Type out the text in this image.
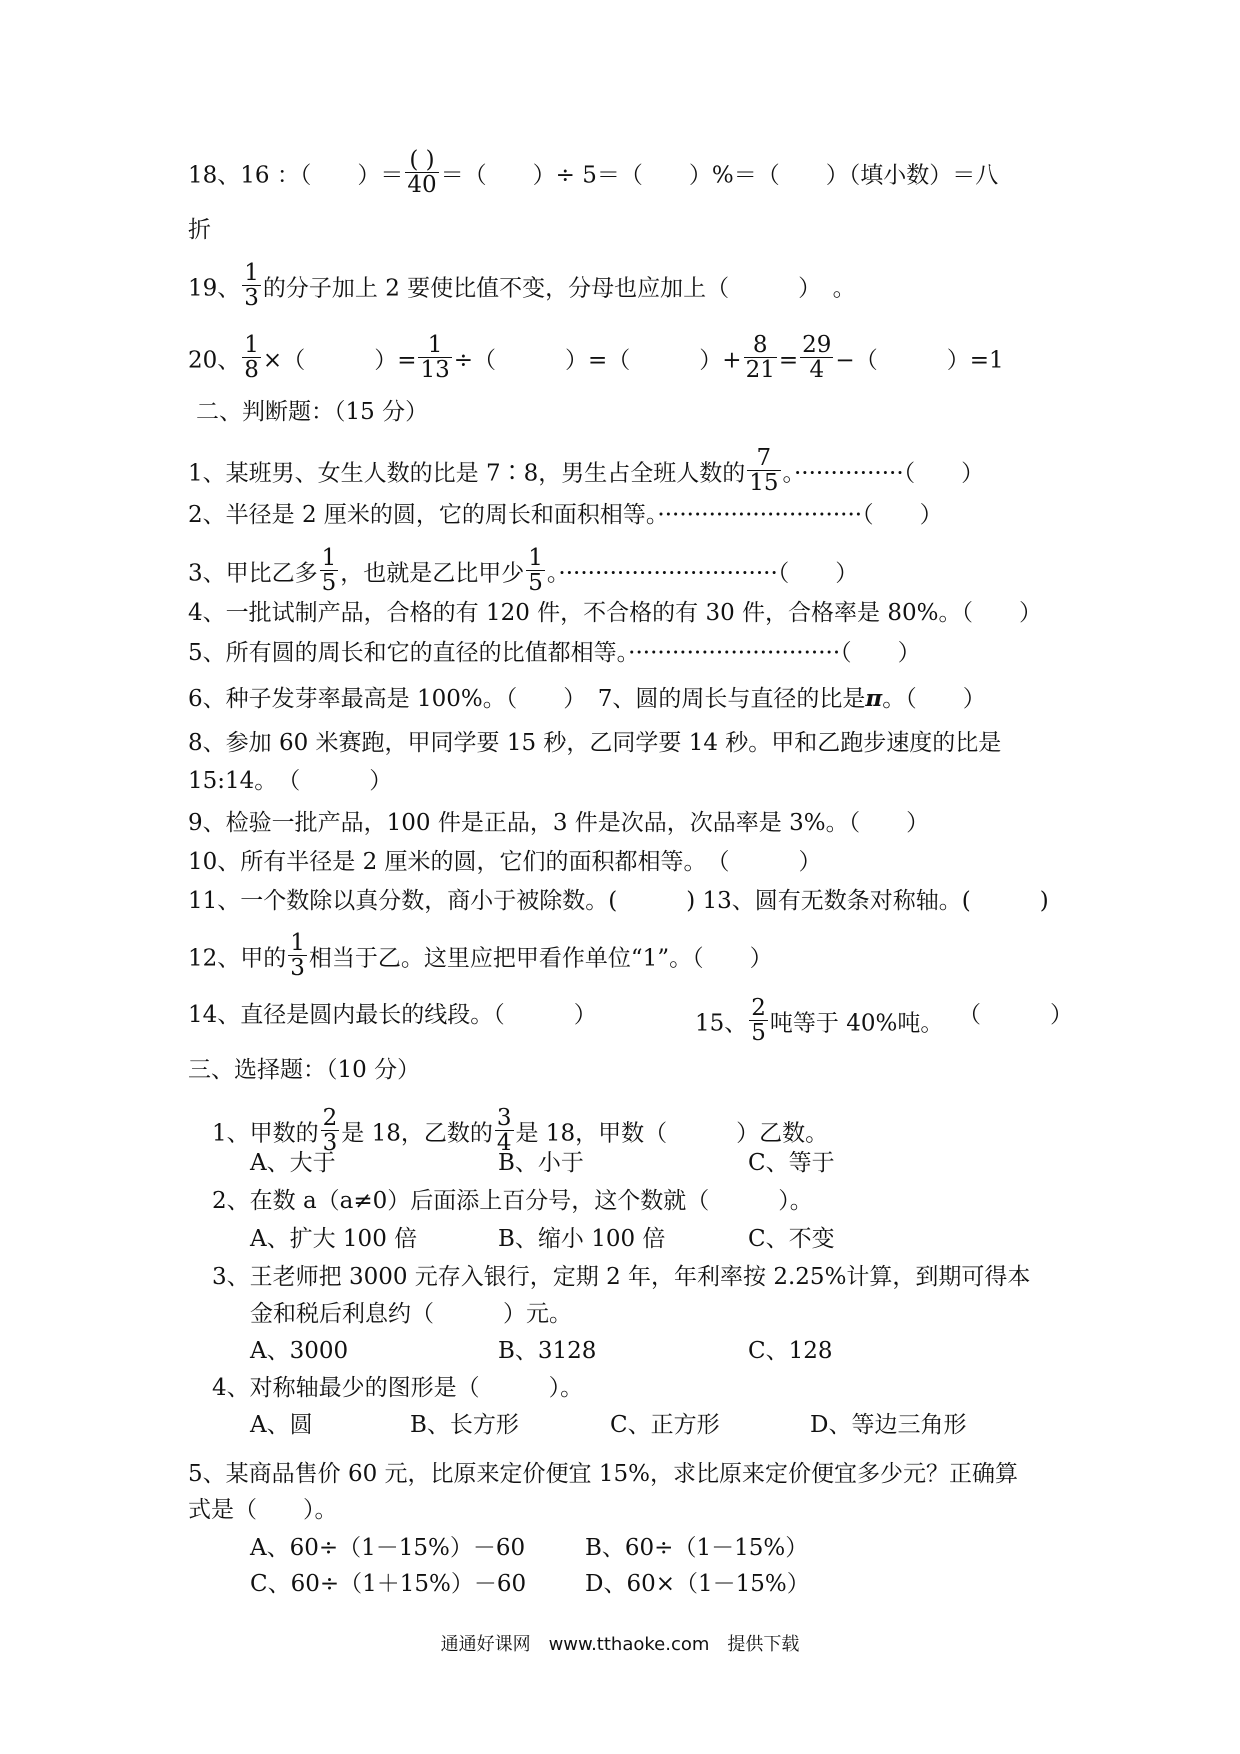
18、16 ：（　　）＝ $\frac{( )}{40}$ ＝（　　）÷ 5＝（　　）%＝（　　）（填小数）＝八
折
19、 $\frac{1}{3}$ 的分子加上 2 要使比值不变，分母也应加上（　　　）　。
20、 $\frac{1}{8}$ ×（　　　）= $\frac{1}{13}$ ÷（　　　）=（　　　）+ $\frac{8}{21} = \frac{29}{4}$ −（　　　）=1
二、判断题：（15 分）
1、某班男、女生人数的比是 7∶8，男生占全班人数的 $\frac{7}{15}$ 。···············（　　）
2、半径是 2 厘米的圆，它的周长和面积相等。····························（　　）
3、甲比乙多 $\frac{1}{5}$ ，也就是乙比甲少 $\frac{1}{5}$ 。······························（　　）
4、一批试制产品，合格的有 120 件，不合格的有 30 件，合格率是 80%。（　　）
5、所有圆的周长和它的直径的比值都相等。·····························（　　）
6、种子发芽率最高是 100%。（　　）　7、圆的周长与直径的比是π。（　　）
8、参加 60 米赛跑，甲同学要 15 秒，乙同学要 14 秒。甲和乙跑步速度的比是
15:14。　（　　　）
9、检验一批产品，100 件是正品，3 件是次品，次品率是 3%。（　　）
10、所有半径是 2 厘米的圆，它们的面积都相等。　（　　　）
11、一个数除以真分数，商小于被除数。(　　　) 13、圆有无数条对称轴。(　　　)
12、甲的 $\frac{1}{3}$ 相当于乙。这里应把甲看作单位“1”。（　　）
14、直径是圆内最长的线段。（　　　）	15、 $\frac{2}{5}$ 吨等于 40%吨。 （　　　）
三、选择题：（10 分）
1、甲数的 $\frac{2}{3}$ 是 18，乙数的 $\frac{3}{4}$ 是 18，甲数（　　　）乙数。
A、大于	B、小于	C、等于
2、在数 a（a≠0）后面添上百分号，这个数就（　　　）。
A、扩大 100 倍	B、缩小 100 倍	C、不变
3、王老师把 3000 元存入银行，定期 2 年，年利率按 2.25%计算，到期可得本
金和税后利息约（　　　）元。
A、3000	B、3128	C、128
4、对称轴最少的图形是（　　　）。
A、圆	B、长方形	C、正方形	D、等边三角形
5、某商品售价 60 元，比原来定价便宜 15%，求比原来定价便宜多少元？正确算
式是（　　）。
A、60÷（1－15%）－60	B、60÷（1－15%）
C、60÷（1＋15%）－60	D、60×（1－15%）
通通好课网　www.tthaoke.com　提供下载
